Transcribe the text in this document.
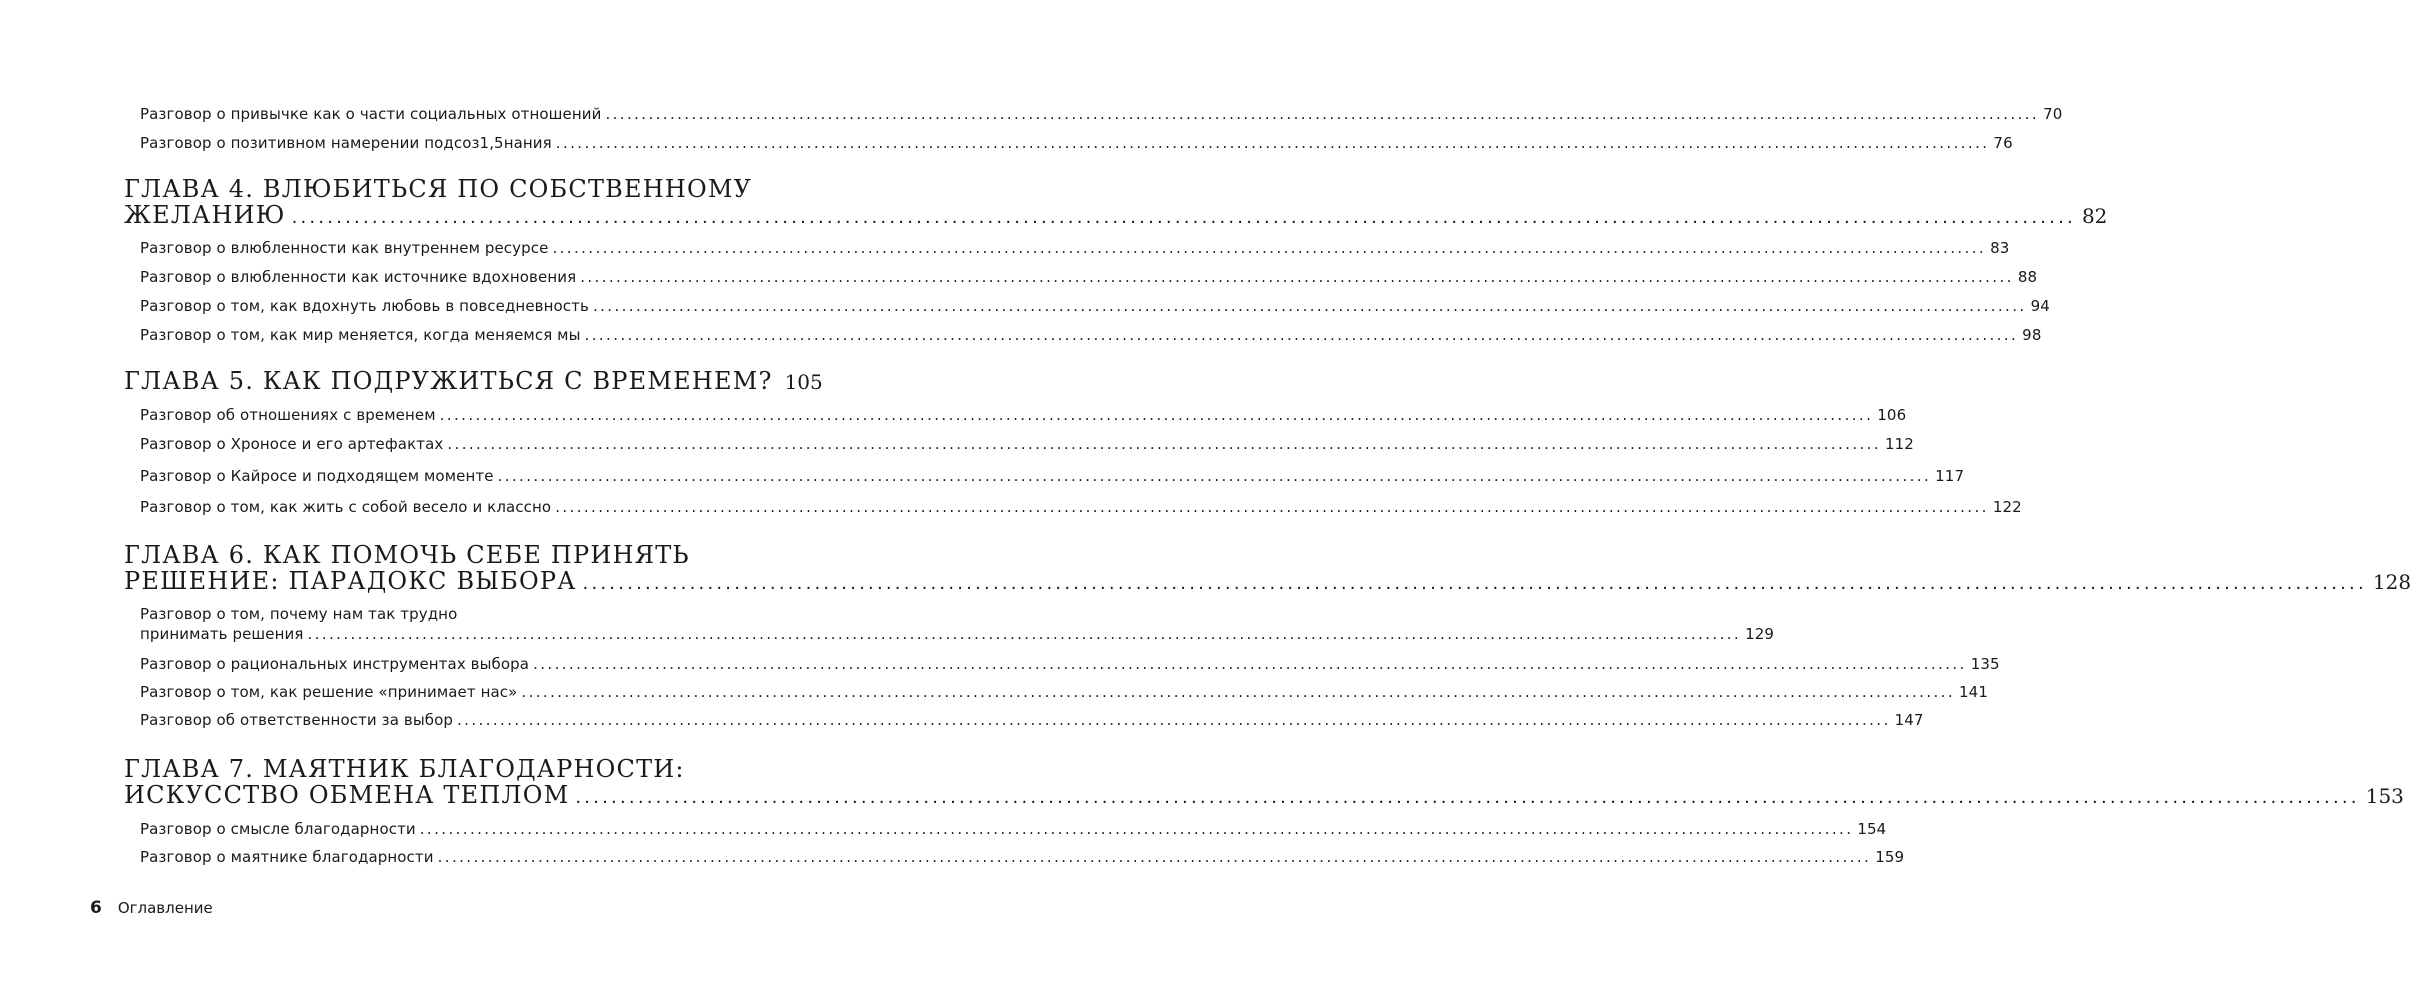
Разговор о привычке как о части социальных отношений ........................................................................................................................................................................................................ 70
Разговор о позитивном намерении подсоз1,5нания ........................................................................................................................................................................................................ 76
ГЛАВА 4. ВЛЮБИТЬСЯ ПО СОБСТВЕННОМУ
ЖЕЛАНИЮ ........................................................................................................................................................................................................ 82
Разговор о влюбленности как внутреннем ресурсе ........................................................................................................................................................................................................ 83
Разговор о влюбленности как источнике вдохновения ........................................................................................................................................................................................................ 88
Разговор о том, как вдохнуть любовь в повседневность ........................................................................................................................................................................................................ 94
Разговор о том, как мир меняется, когда меняемся мы ........................................................................................................................................................................................................ 98
ГЛАВА 5. КАК ПОДРУЖИТЬСЯ С ВРЕМЕНЕМ? 105
Разговор об отношениях с временем ........................................................................................................................................................................................................ 106
Разговор о Хроносе и его артефактах ........................................................................................................................................................................................................ 112
Разговор о Кайросе и подходящем моменте ........................................................................................................................................................................................................ 117
Разговор о том, как жить с собой весело и классно ........................................................................................................................................................................................................ 122
ГЛАВА 6. КАК ПОМОЧЬ СЕБЕ ПРИНЯТЬ
РЕШЕНИЕ: ПАРАДОКС ВЫБОРА ........................................................................................................................................................................................................ 128
Разговор о том, почему нам так трудно
принимать решения ........................................................................................................................................................................................................ 129
Разговор о рациональных инструментах выбора ........................................................................................................................................................................................................ 135
Разговор о том, как решение «принимает нас» ........................................................................................................................................................................................................ 141
Разговор об ответственности за выбор ........................................................................................................................................................................................................ 147
ГЛАВА 7. МАЯТНИК БЛАГОДАРНОСТИ:
ИСКУССТВО ОБМЕНА ТЕПЛОМ ........................................................................................................................................................................................................ 153
Разговор о смысле благодарности ........................................................................................................................................................................................................ 154
Разговор о маятнике благодарности ........................................................................................................................................................................................................ 159
6 Оглавление
